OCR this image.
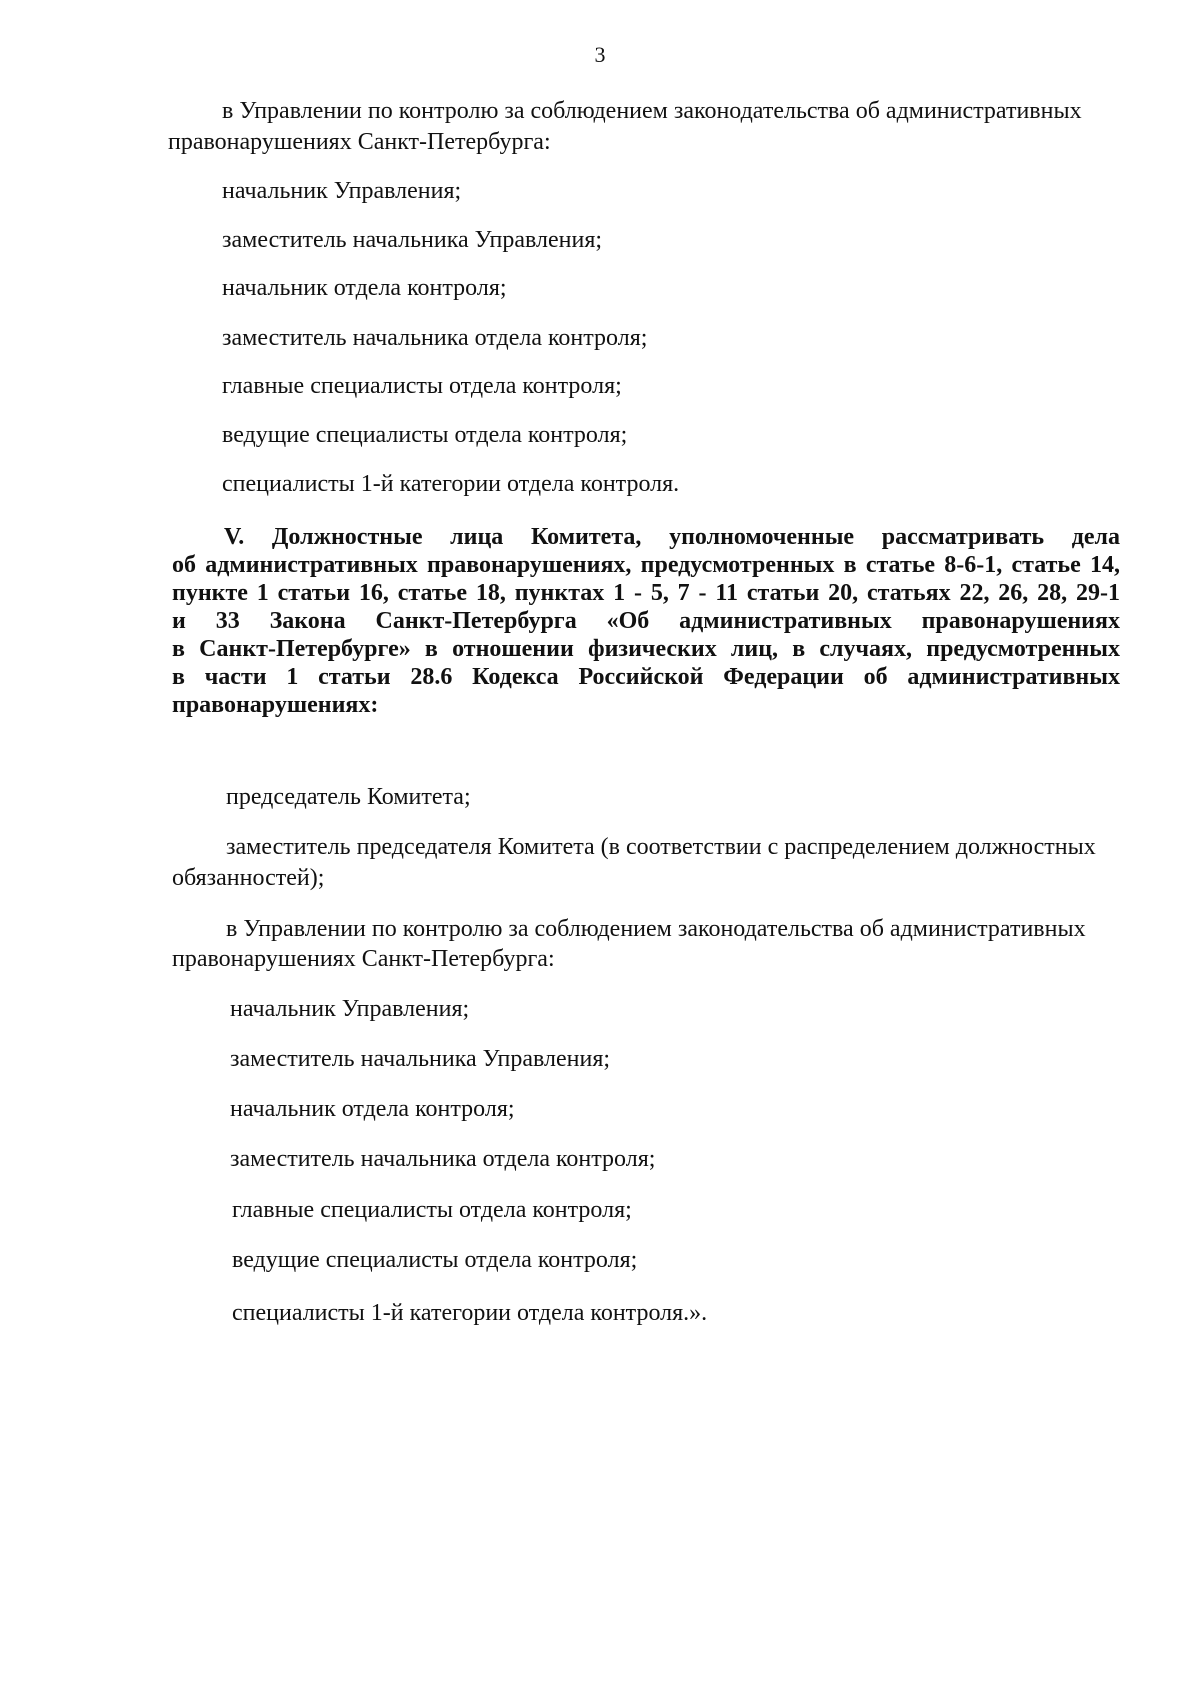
3
в Управлении по контролю за соблюдением законодательства об административных
правонарушениях Санкт-Петербурга:
начальник Управления;
заместитель начальника Управления;
начальник отдела контроля;
заместитель начальника отдела контроля;
главные специалисты отдела контроля;
ведущие специалисты отдела контроля;
специалисты 1-й категории отдела контроля.
V. Должностные лица Комитета, уполномоченные рассматривать дела
об административных правонарушениях, предусмотренных в статье 8-6-1, статье 14,
пункте 1 статьи 16, статье 18, пунктах 1 - 5, 7 - 11 статьи 20, статьях 22, 26, 28, 29-1
и 33 Закона Санкт-Петербурга «Об административных правонарушениях
в Санкт-Петербурге» в отношении физических лиц, в случаях, предусмотренных
в части 1 статьи 28.6 Кодекса Российской Федерации об административных
правонарушениях:
председатель Комитета;
заместитель председателя Комитета (в соответствии с распределением должностных
обязанностей);
в Управлении по контролю за соблюдением законодательства об административных
правонарушениях Санкт-Петербурга:
начальник Управления;
заместитель начальника Управления;
начальник отдела контроля;
заместитель начальника отдела контроля;
главные специалисты отдела контроля;
ведущие специалисты отдела контроля;
специалисты 1-й категории отдела контроля.».
